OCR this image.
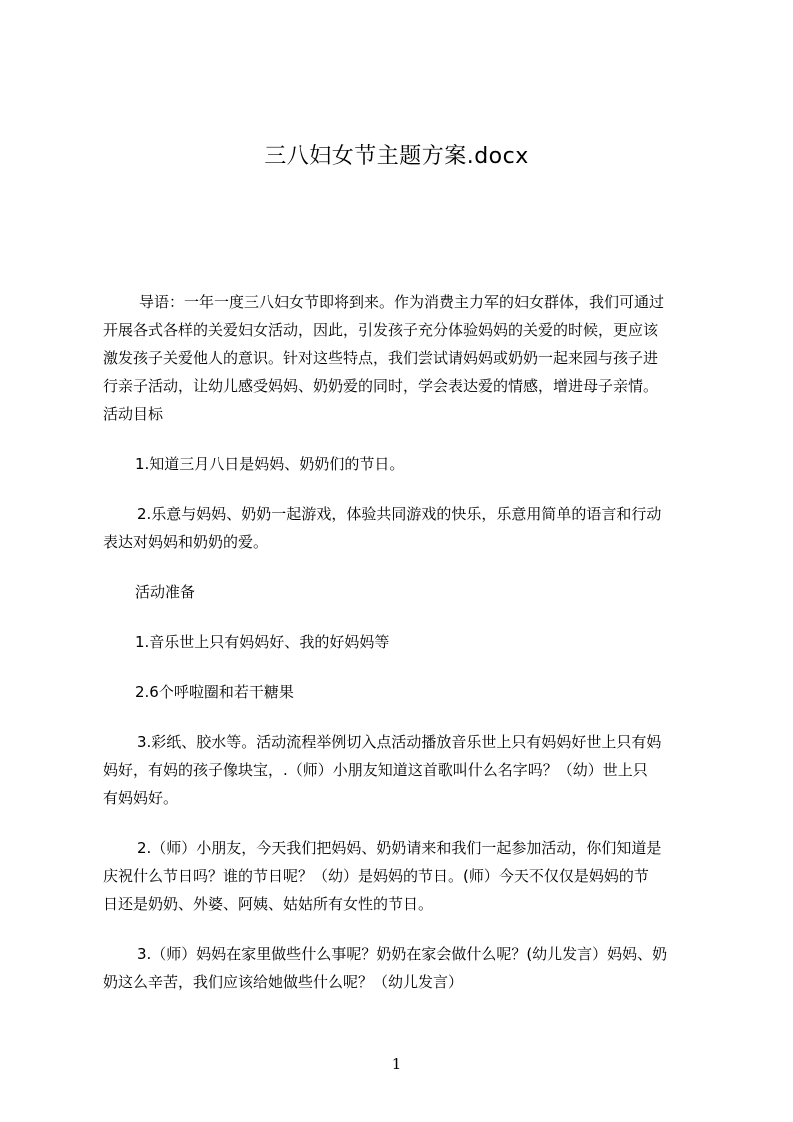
三八妇女节主题方案.docx
导语：一年一度三八妇女节即将到来。作为消费主力军的妇女群体，我们可通过
开展各式各样的关爱妇女活动，因此，引发孩子充分体验妈妈的关爱的时候，更应该
激发孩子关爱他人的意识。针对这些特点，我们尝试请妈妈或奶奶一起来园与孩子进
行亲子活动，让幼儿感受妈妈、奶奶爱的同时，学会表达爱的情感，增进母子亲情。
活动目标
1.知道三月八日是妈妈、奶奶们的节日。
2.乐意与妈妈、奶奶一起游戏，体验共同游戏的快乐，乐意用简单的语言和行动
表达对妈妈和奶奶的爱。
活动准备
1.音乐世上只有妈妈好、我的好妈妈等
2.6个呼啦圈和若干糖果
3.彩纸、胶水等。活动流程举例切入点活动播放音乐世上只有妈妈好世上只有妈
妈好，有妈的孩子像块宝，.（师）小朋友知道这首歌叫什么名字吗？（幼）世上只
有妈妈好。
2.（师）小朋友，今天我们把妈妈、奶奶请来和我们一起参加活动，你们知道是
庆祝什么节日吗？谁的节日呢？（幼）是妈妈的节日。(师）今天不仅仅是妈妈的节
日还是奶奶、外婆、阿姨、姑姑所有女性的节日。
3.（师）妈妈在家里做些什么事呢？奶奶在家会做什么呢？(幼儿发言）妈妈、奶
奶这么辛苦，我们应该给她做些什么呢？（幼儿发言）
1
